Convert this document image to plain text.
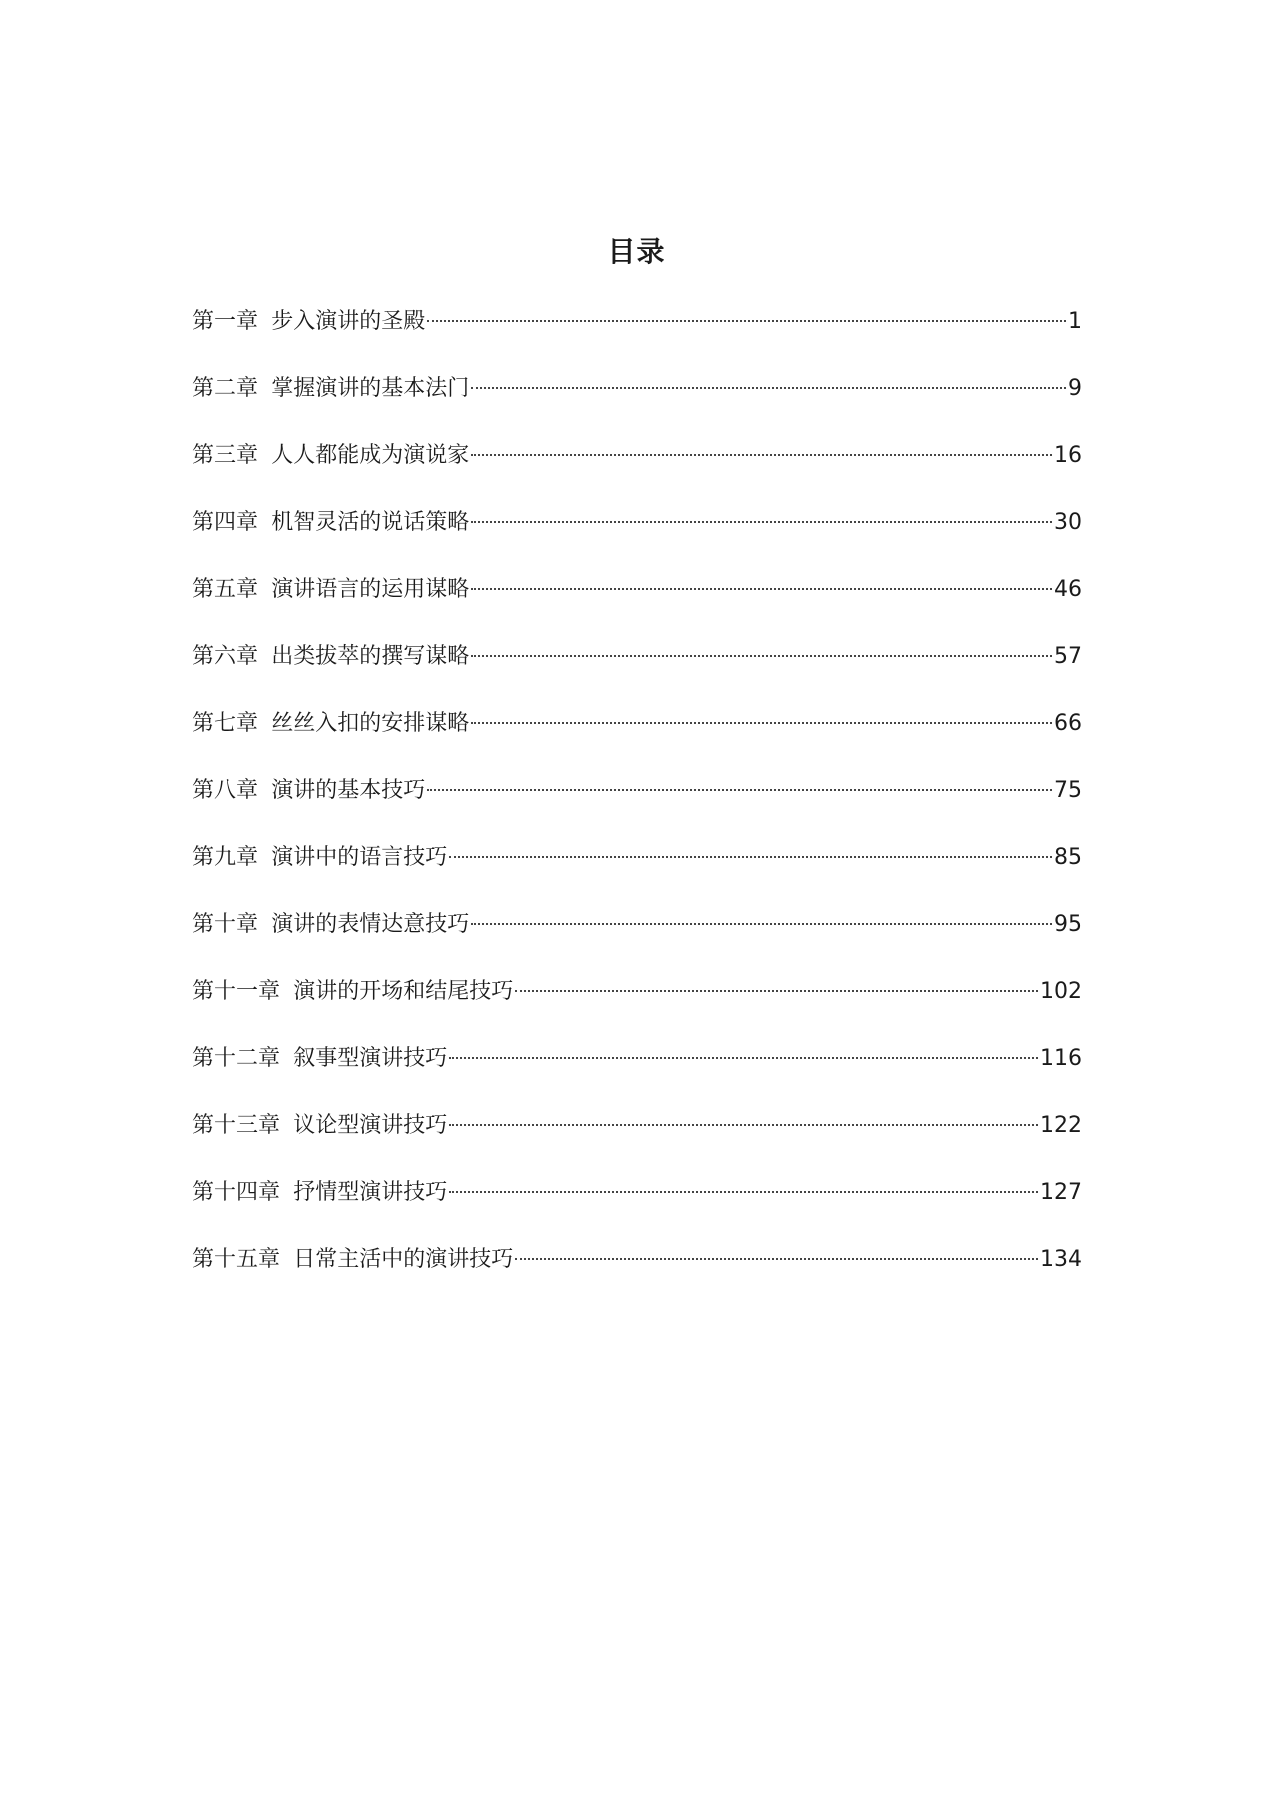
目录
第一章 步入演讲的圣殿	1
第二章 掌握演讲的基本法门	9
第三章 人人都能成为演说家	16
第四章 机智灵活的说话策略	30
第五章 演讲语言的运用谋略	46
第六章 出类拔萃的撰写谋略	57
第七章 丝丝入扣的安排谋略	66
第八章 演讲的基本技巧	75
第九章 演讲中的语言技巧	85
第十章 演讲的表情达意技巧	95
第十一章 演讲的开场和结尾技巧	102
第十二章 叙事型演讲技巧	116
第十三章 议论型演讲技巧	122
第十四章 抒情型演讲技巧	127
第十五章 日常主活中的演讲技巧	134
